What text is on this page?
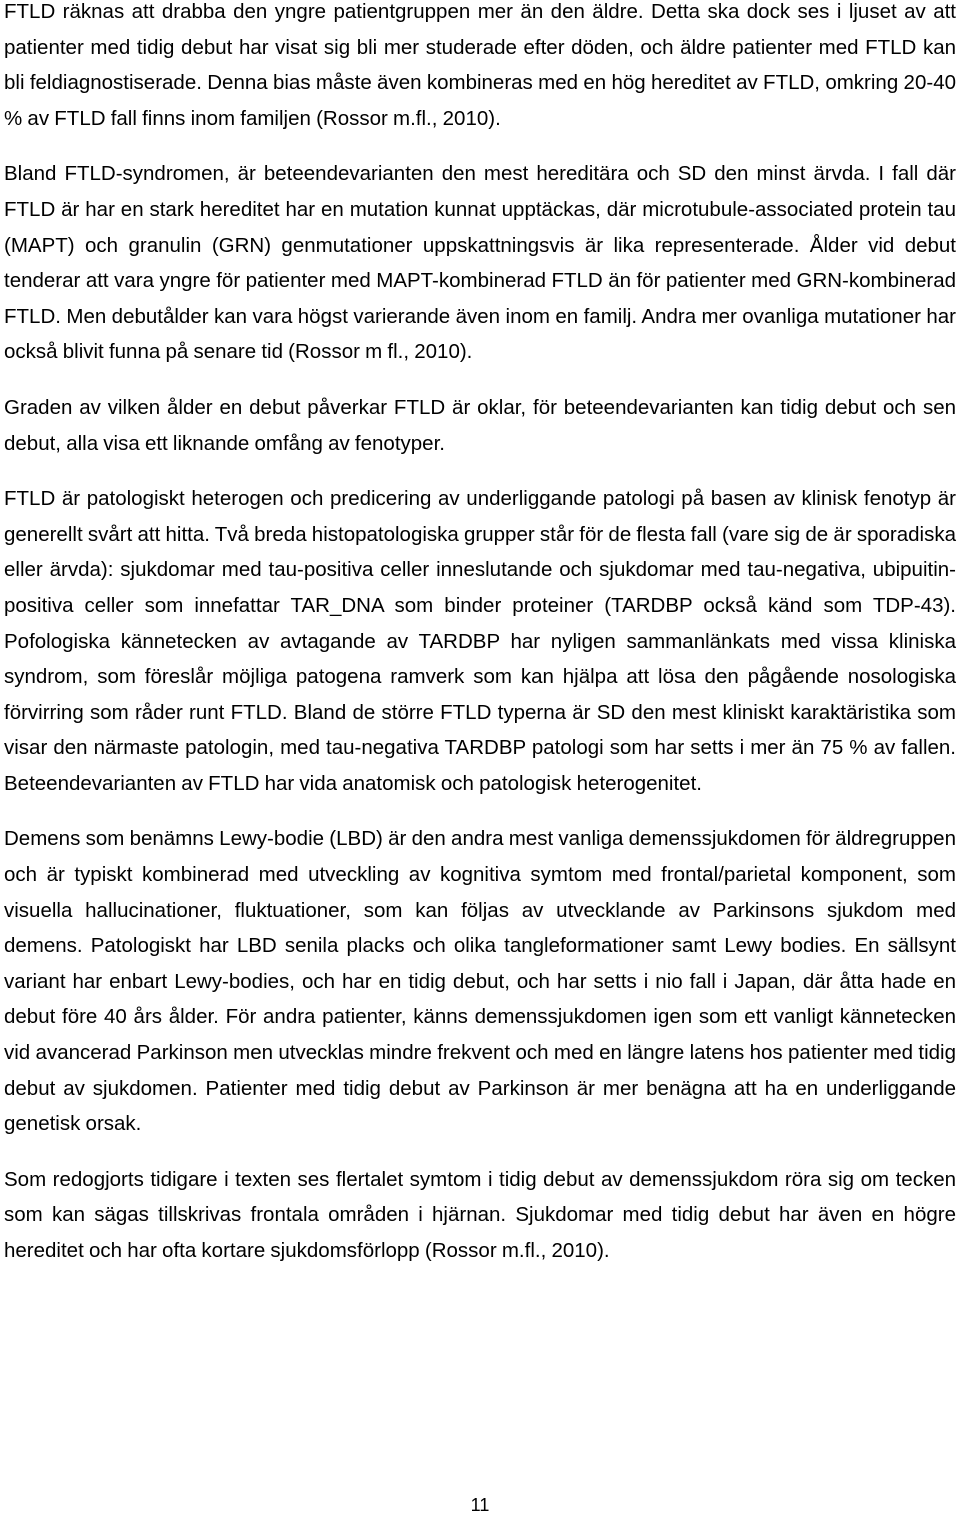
FTLD räknas att drabba den yngre patientgruppen mer än den äldre. Detta ska dock ses i ljuset av att patienter med tidig debut har visat sig bli mer studerade efter döden, och äldre patienter med FTLD kan bli feldiagnostiserade. Denna bias måste även kombineras med en hög hereditet av FTLD, omkring 20-40 % av FTLD fall finns inom familjen (Rossor m.fl., 2010).

Bland FTLD-syndromen, är beteendevarianten den mest hereditära och SD den minst ärvda. I fall där FTLD är har en stark hereditet har en mutation kunnat upptäckas, där microtubule-associated protein tau (MAPT) och granulin (GRN) genmutationer uppskattningsvis är lika representerade. Ålder vid debut tenderar att vara yngre för patienter med MAPT-kombinerad FTLD än för patienter med GRN-kombinerad FTLD. Men debutålder kan vara högst varierande även inom en familj. Andra mer ovanliga mutationer har också blivit funna på senare tid (Rossor m fl., 2010).

Graden av vilken ålder en debut påverkar FTLD är oklar, för beteendevarianten kan tidig debut och sen debut, alla visa ett liknande omfång av fenotyper.

FTLD är patologiskt heterogen och predicering av underliggande patologi på basen av klinisk fenotyp är generellt svårt att hitta. Två breda histopatologiska grupper står för de flesta fall (vare sig de är sporadiska eller ärvda): sjukdomar med tau-positiva celler inneslutande och sjukdomar med tau-negativa, ubipuitin-positiva celler som innefattar TAR_DNA som binder proteiner (TARDBP också känd som TDP-43). Pofologiska kännetecken av avtagande av TARDBP har nyligen sammanlänkats med vissa kliniska syndrom, som föreslår möjliga patogena ramverk som kan hjälpa att lösa den pågående nosologiska förvirring som råder runt FTLD. Bland de större FTLD typerna är SD den mest kliniskt karaktäristika som visar den närmaste patologin, med tau-negativa TARDBP patologi som har setts i mer än 75 % av fallen. Beteendevarianten av FTLD har vida anatomisk och patologisk heterogenitet.

Demens som benämns Lewy-bodie (LBD) är den andra mest vanliga demenssjukdomen för äldregruppen och är typiskt kombinerad med utveckling av kognitiva symtom med frontal/parietal komponent, som visuella hallucinationer, fluktuationer, som kan följas av utvecklande av Parkinsons sjukdom med demens. Patologiskt har LBD senila placks och olika tangleformationer samt Lewy bodies. En sällsynt variant har enbart Lewy-bodies, och har en tidig debut, och har setts i nio fall i Japan, där åtta hade en debut före 40 års ålder. För andra patienter, känns demenssjukdomen igen som ett vanligt kännetecken vid avancerad Parkinson men utvecklas mindre frekvent och med en längre latens hos patienter med tidig debut av sjukdomen. Patienter med tidig debut av Parkinson är mer benägna att ha en underliggande genetisk orsak.

Som redogjorts tidigare i texten ses flertalet symtom i tidig debut av demenssjukdom röra sig om tecken som kan sägas tillskrivas frontala områden i hjärnan. Sjukdomar med tidig debut har även en högre hereditet och har ofta kortare sjukdomsförlopp (Rossor m.fl., 2010).

11
